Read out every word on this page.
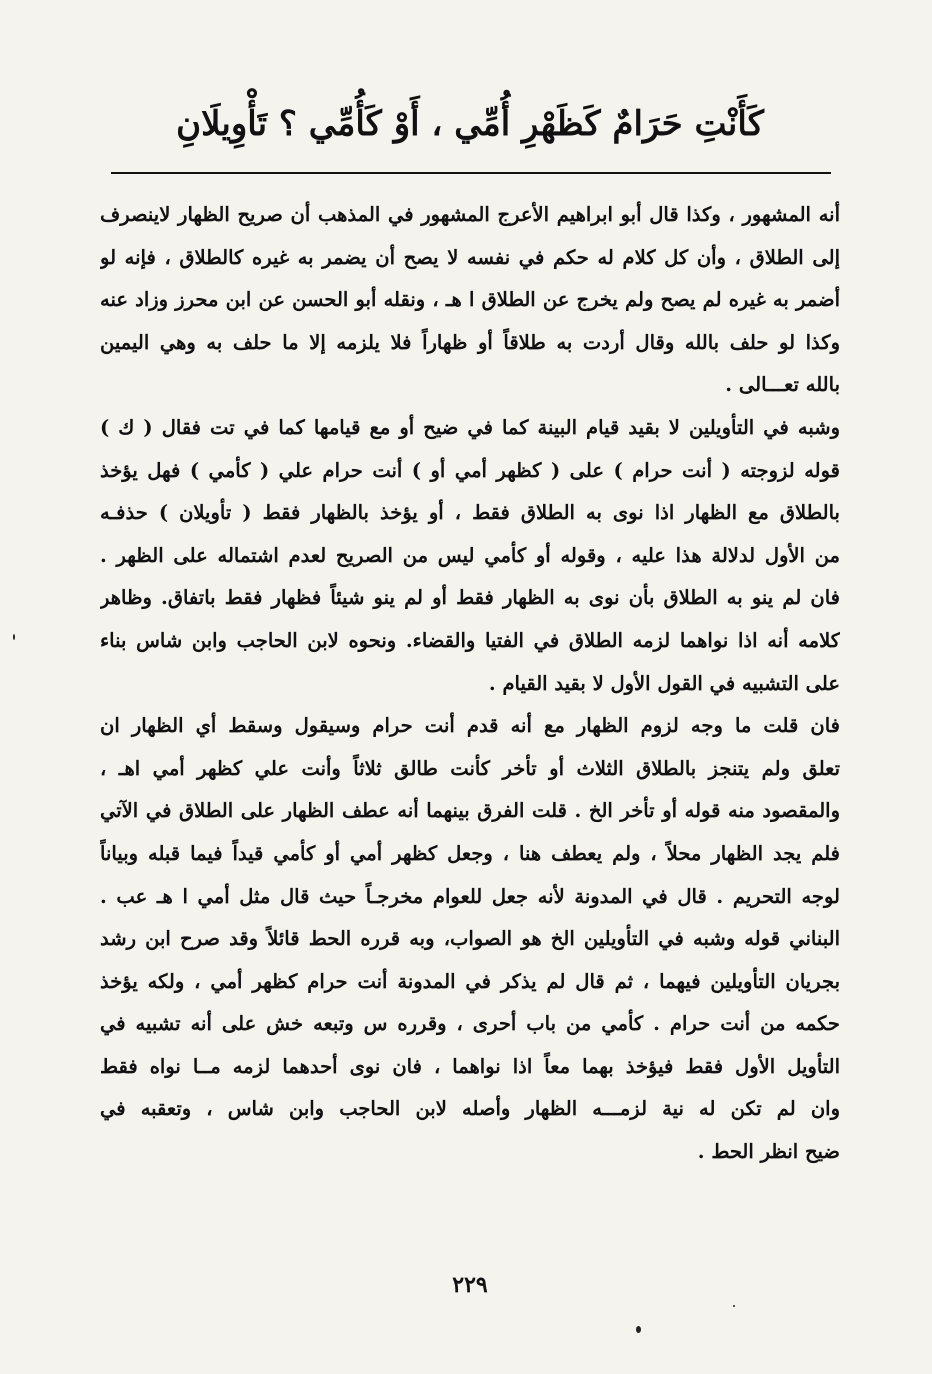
كَأَنْتِ حَرَامٌ كَظَهْرِ أُمِّي ، أَوْ كَأُمِّي ؟ تَأْوِيلَانِ
أنه المشهور ، وكذا قال أبو ابراهيم الأعرج المشهور في المذهب أن صريح الظهار لاينصرف
إلى الطلاق ، وأن كل كلام له حكم في نفسه لا يصح أن يضمر به غيره كالطلاق ، فإنه لو
أضمر به غيره لم يصح ولم يخرج عن الطلاق ا هـ ، ونقله أبو الحسن عن ابن محرز وزاد عنه
وكذا لو حلف بالله وقال أردت به طلاقاً أو ظهاراً فلا يلزمه إلا ما حلف به وهي اليمين
بالله تعـــالى .
وشبه في التأويلين لا بقيد قيام البينة كما في ضيح أو مع قيامها كما في تت فقال ( ك )
قوله لزوجته ( أنت حرام ) على ( كظهر أمي أو ) أنت حرام علي ( كأمي ) فهل يؤخذ
بالطلاق مع الظهار اذا نوى به الطلاق فقط ، أو يؤخذ بالظهار فقط ( تأويلان ) حذفـه
من الأول لدلالة هذا عليه ، وقوله أو كأمي ليس من الصريح لعدم اشتماله على الظهر .
فان لم ينو به الطلاق بأن نوى به الظهار فقط أو لم ينو شيئاً فظهار فقط باتفاق. وظاهر
كلامه أنه اذا نواهما لزمه الطلاق في الفتيا والقضاء. ونحوه لابن الحاجب وابن شاس بناء
على التشبيه في القول الأول لا بقيد القيام .
فان قلت ما وجه لزوم الظهار مع أنه قدم أنت حرام وسيقول وسقط أي الظهار ان
تعلق ولم يتنجز بالطلاق الثلاث أو تأخر كأنت طالق ثلاثاً وأنت علي كظهر أمي اهـ ،
والمقصود منه قوله أو تأخر الخ . قلت الفرق بينهما أنه عطف الظهار على الطلاق في الآتي
فلم يجد الظهار محلاً ، ولم يعطف هنا ، وجعل كظهر أمي أو كأمي قيداً فيما قبله وبياناً
لوجه التحريم . قال في المدونة لأنه جعل للعوام مخرجـاً حيث قال مثل أمي ا هـ عب .
البناني قوله وشبه في التأويلين الخ هو الصواب، وبه قرره الحط قائلاً وقد صرح ابن رشد
بجريان التأويلين فيهما ، ثم قال لم يذكر في المدونة أنت حرام كظهر أمي ، ولكه يؤخذ
حكمه من أنت حرام . كأمي من باب أحرى ، وقرره س وتبعه خش على أنه تشبيه في
التأويل الأول فقط فيؤخذ بهما معاً اذا نواهما ، فان نوى أحدهما لزمه مــا نواه فقط
وان لم تكن له نية لزمـــه الظهار وأصله لابن الحاجب وابن شاس ، وتعقبه في
ضيح انظر الحط .
٢٢٩
